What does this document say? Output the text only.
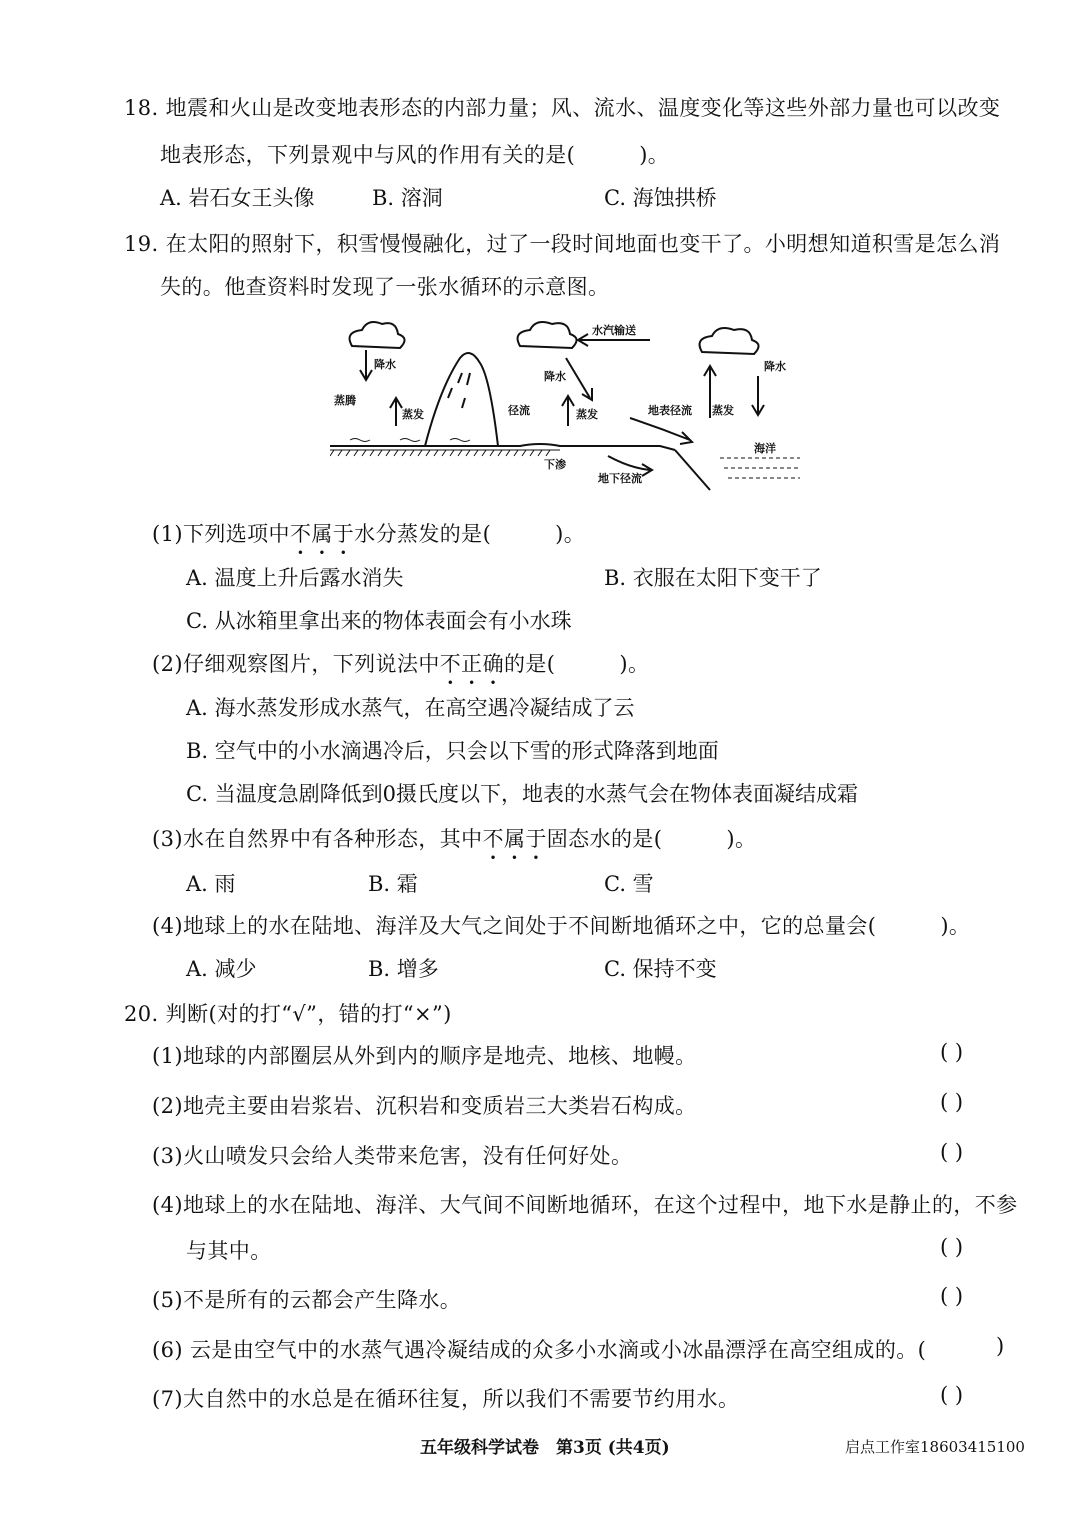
18. 地震和火山是改变地表形态的内部力量；风、流水、温度变化等这些外部力量也可以改变
地表形态，下列景观中与风的作用有关的是(	)。
A. 岩石女王头像	B. 溶洞	C. 海蚀拱桥
19. 在太阳的照射下，积雪慢慢融化，过了一段时间地面也变干了。小明想知道积雪是怎么消
失的。他查资料时发现了一张水循环的示意图。
降水
蒸腾
蒸发
水汽输送
降水
径流	蒸发	地表径流
下渗
地下径流
蒸发
降水
海洋
(1)下列选项中不属于水分蒸发的是(	)。
A. 温度上升后露水消失	B. 衣服在太阳下变干了
C. 从冰箱里拿出来的物体表面会有小水珠
(2)仔细观察图片，下列说法中不正确的是(	)。
A. 海水蒸发形成水蒸气，在高空遇冷凝结成了云
B. 空气中的小水滴遇冷后，只会以下雪的形式降落到地面
C. 当温度急剧降低到0摄氏度以下，地表的水蒸气会在物体表面凝结成霜
(3)水在自然界中有各种形态，其中不属于固态水的是(	)。
A. 雨	B. 霜	C. 雪
(4)地球上的水在陆地、海洋及大气之间处于不间断地循环之中，它的总量会(	)。
A. 减少	B. 增多	C. 保持不变
20. 判断(对的打“√”，错的打“×”)
(1)地球的内部圈层从外到内的顺序是地壳、地核、地幔。	( )
(2)地壳主要由岩浆岩、沉积岩和变质岩三大类岩石构成。	( )
(3)火山喷发只会给人类带来危害，没有任何好处。	( )
(4)地球上的水在陆地、海洋、大气间不间断地循环，在这个过程中，地下水是静止的，不参
与其中。	( )
(5)不是所有的云都会产生降水。	( )
(6) 云是由空气中的水蒸气遇冷凝结成的众多小水滴或小冰晶漂浮在高空组成的。(	)
(7)大自然中的水总是在循环往复，所以我们不需要节约用水。	( )
五年级科学试卷　第3页 (共4页)	启点工作室18603415100
